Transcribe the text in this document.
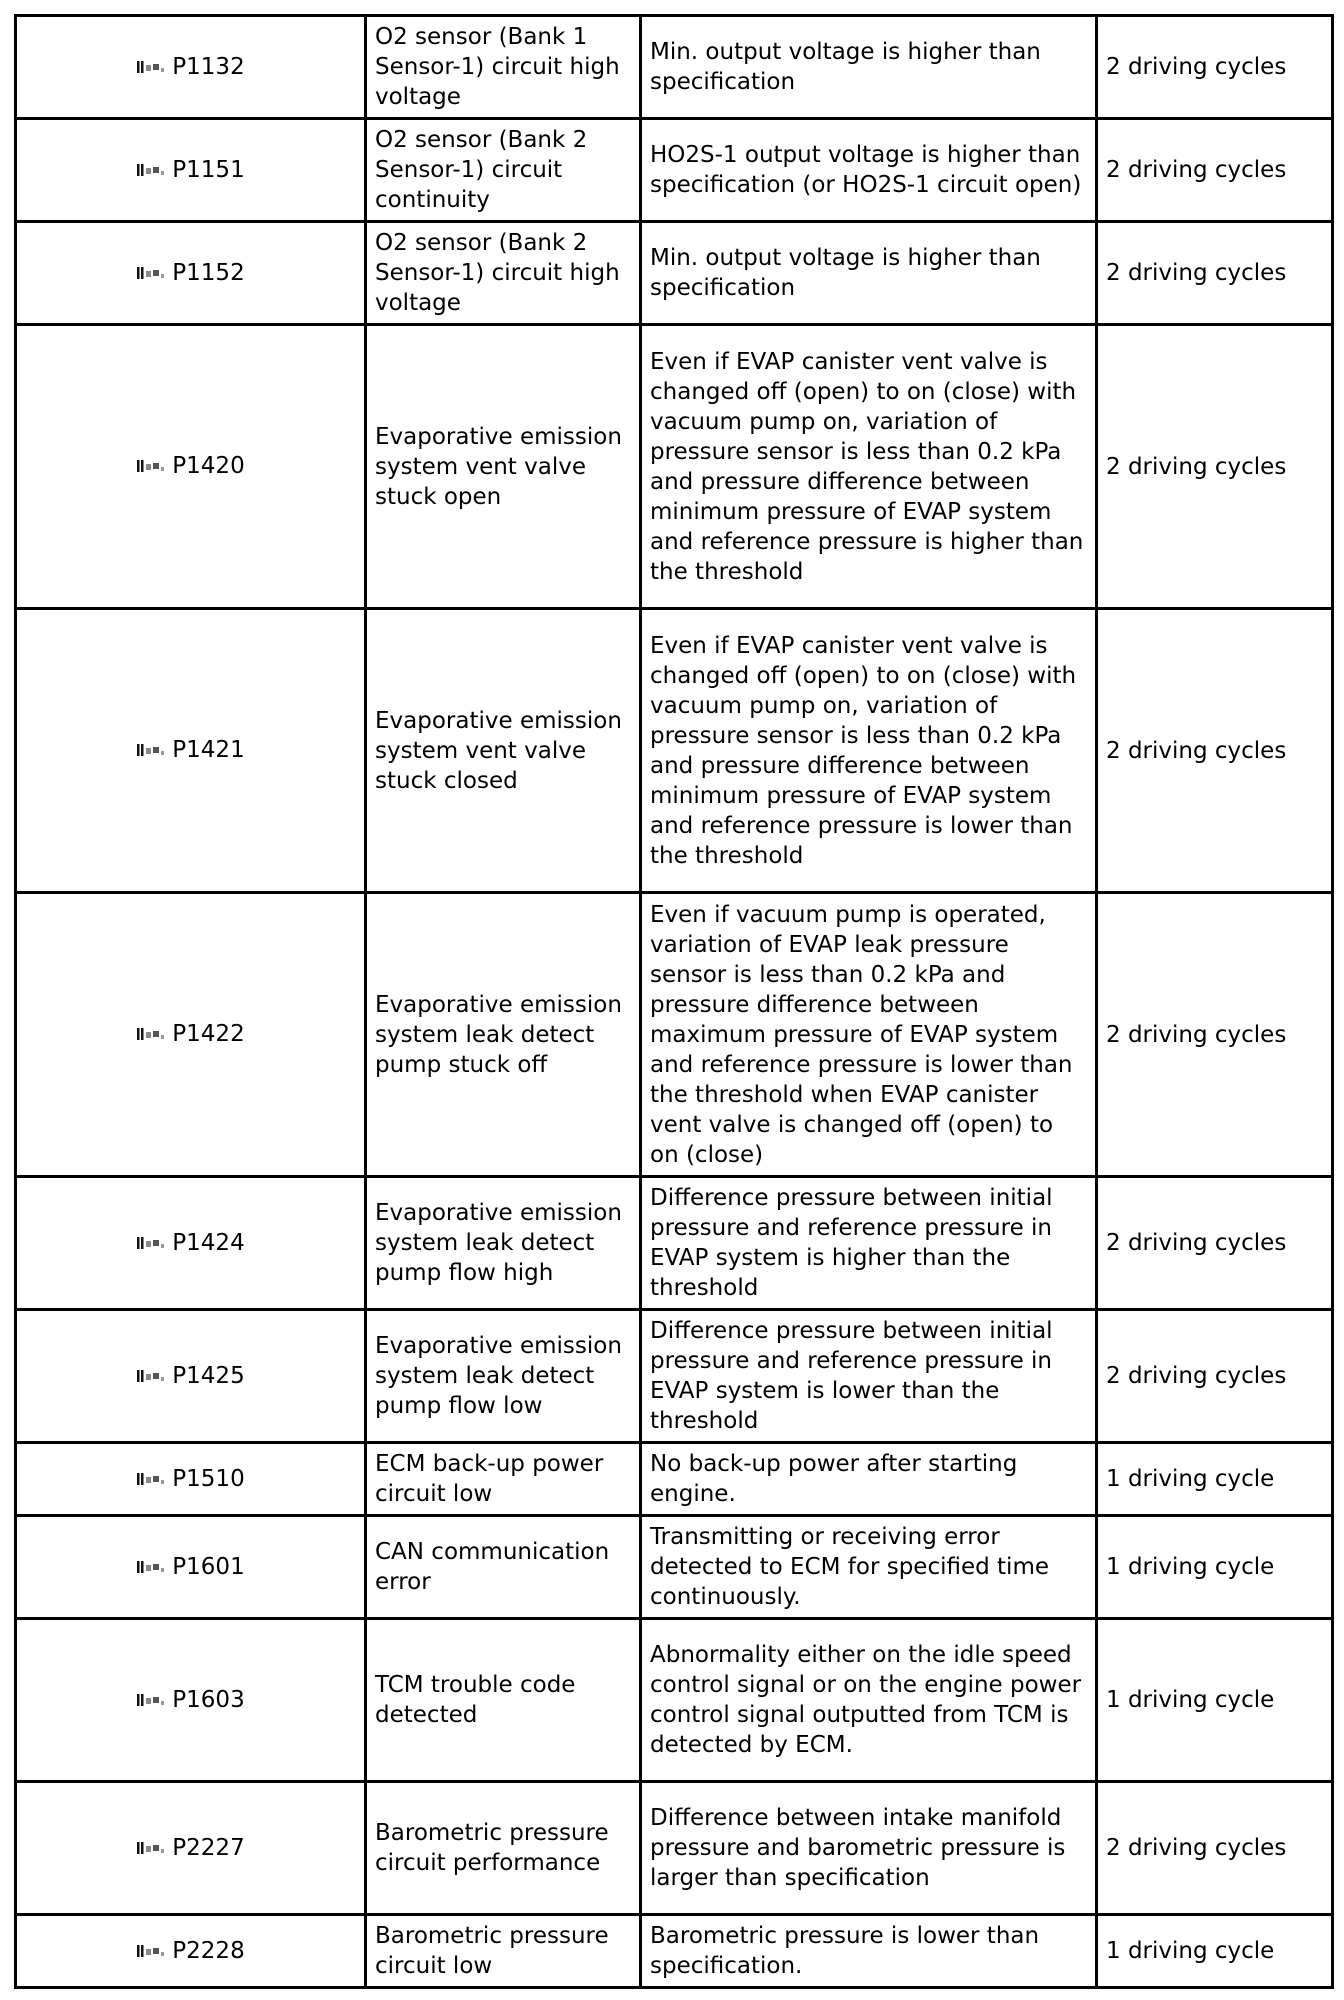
P1132	O2 sensor (Bank 1 Sensor-1) circuit high voltage	Min. output voltage is higher than specification	2 driving cycles

P1151	O2 sensor (Bank 2 Sensor-1) circuit continuity	HO2S-1 output voltage is higher than specification (or HO2S-1 circuit open)	2 driving cycles

P1152	O2 sensor (Bank 2 Sensor-1) circuit high voltage	Min. output voltage is higher than specification	2 driving cycles

P1420	Evaporative emission system vent valve stuck open	Even if EVAP canister vent valve is changed off (open) to on (close) with vacuum pump on, variation of pressure sensor is less than 0.2 kPa and pressure difference between minimum pressure of EVAP system and reference pressure is higher than the threshold	2 driving cycles

P1421	Evaporative emission system vent valve stuck closed	Even if EVAP canister vent valve is changed off (open) to on (close) with vacuum pump on, variation of pressure sensor is less than 0.2 kPa and pressure difference between minimum pressure of EVAP system and reference pressure is lower than the threshold	2 driving cycles

P1422	Evaporative emission system leak detect pump stuck off	Even if vacuum pump is operated, variation of EVAP leak pressure sensor is less than 0.2 kPa and pressure difference between maximum pressure of EVAP system and reference pressure is lower than the threshold when EVAP canister vent valve is changed off (open) to on (close)	2 driving cycles

P1424	Evaporative emission system leak detect pump flow high	Difference pressure between initial pressure and reference pressure in EVAP system is higher than the threshold	2 driving cycles

P1425	Evaporative emission system leak detect pump flow low	Difference pressure between initial pressure and reference pressure in EVAP system is lower than the threshold	2 driving cycles

P1510	ECM back-up power circuit low	No back-up power after starting engine.	1 driving cycle

P1601	CAN communication error	Transmitting or receiving error detected to ECM for specified time continuously.	1 driving cycle

P1603	TCM trouble code detected	Abnormality either on the idle speed control signal or on the engine power control signal outputted from TCM is detected by ECM.	1 driving cycle

P2227	Barometric pressure circuit performance	Difference between intake manifold pressure and barometric pressure is larger than specification	2 driving cycles

P2228	Barometric pressure circuit low	Barometric pressure is lower than specification.	1 driving cycle
